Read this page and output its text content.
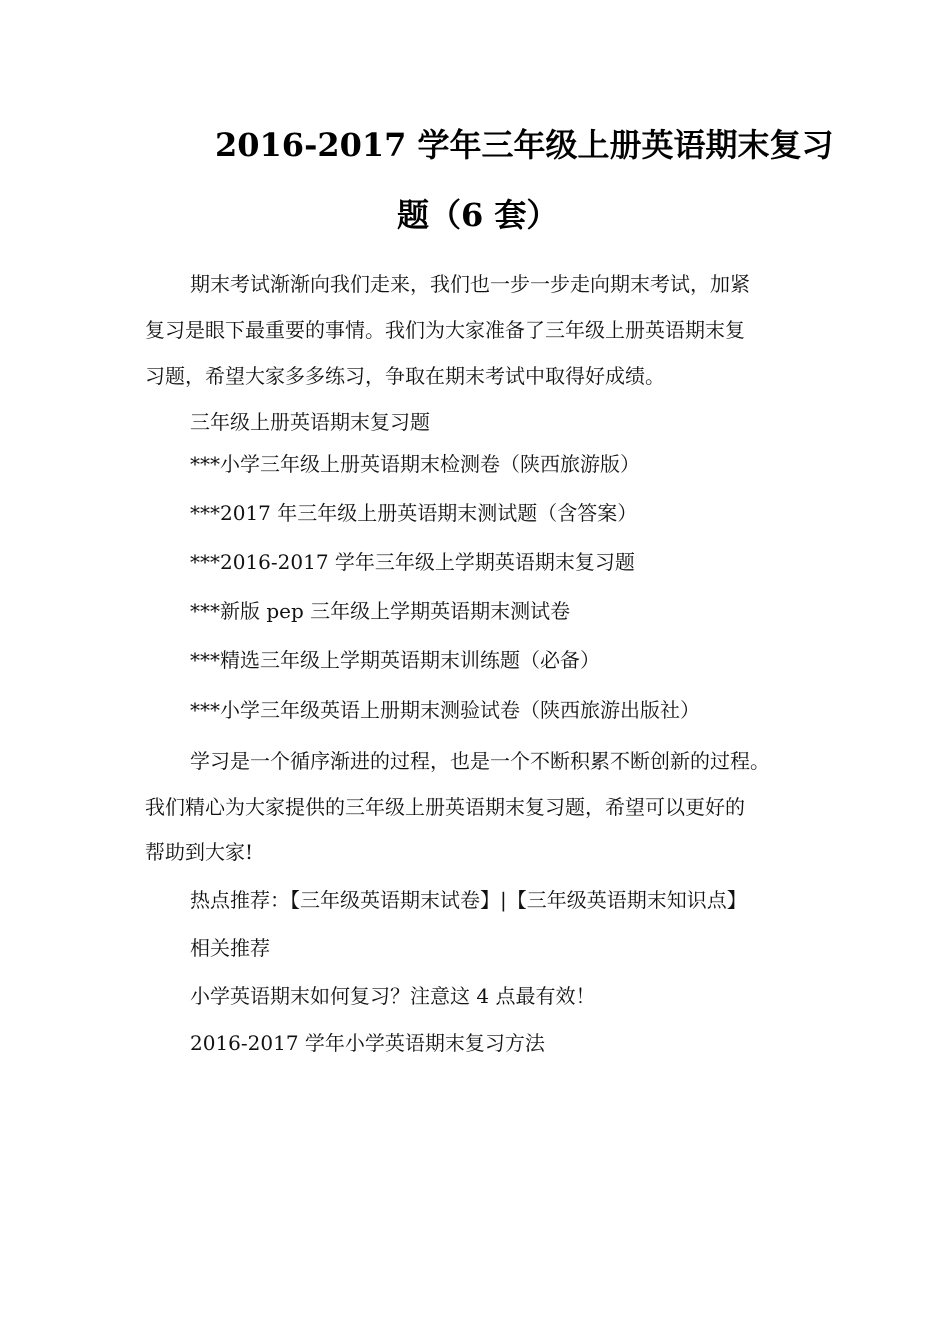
2016-2017 学年三年级上册英语期末复习
题（6 套）
期末考试渐渐向我们走来，我们也一步一步走向期末考试，加紧
复习是眼下最重要的事情。我们为大家准备了三年级上册英语期末复
习题，希望大家多多练习，争取在期末考试中取得好成绩。
三年级上册英语期末复习题
***小学三年级上册英语期末检测卷（陕西旅游版）
***2017 年三年级上册英语期末测试题（含答案）
***2016-2017 学年三年级上学期英语期末复习题
***新版 pep 三年级上学期英语期末测试卷
***精选三年级上学期英语期末训练题（必备）
***小学三年级英语上册期末测验试卷（陕西旅游出版社）
学习是一个循序渐进的过程，也是一个不断积累不断创新的过程。
我们精心为大家提供的三年级上册英语期末复习题，希望可以更好的
帮助到大家!
热点推荐：【三年级英语期末试卷】|【三年级英语期末知识点】
相关推荐
小学英语期末如何复习？注意这 4 点最有效！
2016-2017 学年小学英语期末复习方法
